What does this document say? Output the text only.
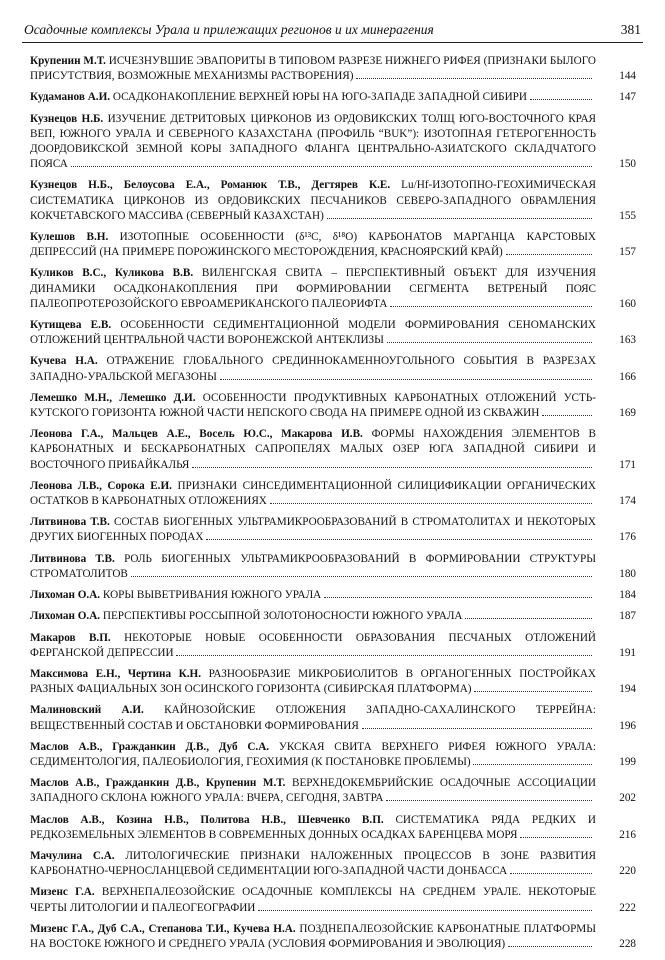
Осадочные комплексы Урала и прилежащих регионов и их минерагения	381
Крупенин М.Т. ИСЧЕЗНУВШИЕ ЭВАПОРИТЫ В ТИПОВОМ РАЗРЕЗЕ НИЖНЕГО РИФЕЯ (ПРИЗНАКИ БЫЛОГО ПРИСУТСТВИЯ, ВОЗМОЖНЫЕ МЕХАНИЗМЫ РАСТВОРЕНИЯ)	144
Кудаманов А.И. ОСАДКОНАКОПЛЕНИЕ ВЕРХНЕЙ ЮРЫ НА ЮГО-ЗАПАДЕ ЗАПАДНОЙ СИБИРИ	147
Кузнецов Н.Б. ИЗУЧЕНИЕ ДЕТРИТОВЫХ ЦИРКОНОВ ИЗ ОРДОВИКСКИХ ТОЛЩ ЮГО-ВОСТОЧНОГО КРАЯ ВЕП, ЮЖНОГО УРАЛА И СЕВЕРНОГО КАЗАХСТАНА (ПРОФИЛЬ “BUK”): ИЗОТОПНАЯ ГЕТЕРОГЕННОСТЬ ДООРДОВИКСКОЙ ЗЕМНОЙ КОРЫ ЗАПАДНОГО ФЛАНГА ЦЕНТРАЛЬНО-АЗИАТСКОГО СКЛАДЧАТОГО ПОЯСА	150
Кузнецов Н.Б., Белоусова Е.А., Романюк Т.В., Дегтярев К.Е. Lu/Hf-ИЗОТОПНО-ГЕОХИМИЧЕСКАЯ СИСТЕМАТИКА ЦИРКОНОВ ИЗ ОРДОВИКСКИХ ПЕСЧАНИКОВ СЕВЕРО-ЗАПАДНОГО ОБРАМЛЕНИЯ КОКЧЕТАВСКОГО МАССИВА (СЕВЕРНЫЙ КАЗАХСТАН)	155
Кулешов В.Н. ИЗОТОПНЫЕ ОСОБЕННОСТИ (δ¹³C, δ¹⁸O) КАРБОНАТОВ МАРГАНЦА КАРСТОВЫХ ДЕПРЕССИЙ (НА ПРИМЕРЕ ПОРОЖИНСКОГО МЕСТОРОЖДЕНИЯ, КРАСНОЯРСКИЙ КРАЙ)	157
Куликов В.С., Куликова В.В. ВИЛЕНГСКАЯ СВИТА – ПЕРСПЕКТИВНЫЙ ОБЪЕКТ ДЛЯ ИЗУЧЕНИЯ ДИНАМИКИ ОСАДКОНАКОПЛЕНИЯ ПРИ ФОРМИРОВАНИИ СЕГМЕНТА ВЕТРЕНЫЙ ПОЯС ПАЛЕОПРОТЕРОЗОЙСКОГО ЕВРОАМЕРИКАНСКОГО ПАЛЕОРИФТА	160
Кутищева Е.В. ОСОБЕННОСТИ СЕДИМЕНТАЦИОННОЙ МОДЕЛИ ФОРМИРОВАНИЯ СЕНОМАНСКИХ ОТЛОЖЕНИЙ ЦЕНТРАЛЬНОЙ ЧАСТИ ВОРОНЕЖСКОЙ АНТЕКЛИЗЫ	163
Кучева Н.А. ОТРАЖЕНИЕ ГЛОБАЛЬНОГО СРЕДИННОКАМЕННОУГОЛЬНОГО СОБЫТИЯ В РАЗРЕЗАХ ЗАПАДНО-УРАЛЬСКОЙ МЕГАЗОНЫ	166
Лемешко М.Н., Лемешко Д.И. ОСОБЕННОСТИ ПРОДУКТИВНЫХ КАРБОНАТНЫХ ОТЛОЖЕНИЙ УСТЬ-КУТСКОГО ГОРИЗОНТА ЮЖНОЙ ЧАСТИ НЕПСКОГО СВОДА НА ПРИМЕРЕ ОДНОЙ ИЗ СКВАЖИН	169
Леонова Г.А., Мальцев А.Е., Восель Ю.С., Макарова И.В. ФОРМЫ НАХОЖДЕНИЯ ЭЛЕМЕНТОВ В КАРБОНАТНЫХ И БЕСКАРБОНАТНЫХ САПРОПЕЛЯХ МАЛЫХ ОЗЕР ЮГА ЗАПАДНОЙ СИБИРИ И ВОСТОЧНОГО ПРИБАЙКАЛЬЯ	171
Леонова Л.В., Сорока Е.И. ПРИЗНАКИ СИНСЕДИМЕНТАЦИОННОЙ СИЛИЦИФИКАЦИИ ОРГАНИЧЕСКИХ ОСТАТКОВ В КАРБОНАТНЫХ ОТЛОЖЕНИЯХ	174
Литвинова Т.В. СОСТАВ БИОГЕННЫХ УЛЬТРАМИКРООБРАЗОВАНИЙ В СТРОМАТОЛИТАХ И НЕКОТОРЫХ ДРУГИХ БИОГЕННЫХ ПОРОДАХ	176
Литвинова Т.В. РОЛЬ БИОГЕННЫХ УЛЬТРАМИКРООБРАЗОВАНИЙ В ФОРМИРОВАНИИ СТРУКТУРЫ СТРОМАТОЛИТОВ	180
Лихоман О.А. КОРЫ ВЫВЕТРИВАНИЯ ЮЖНОГО УРАЛА	184
Лихоман О.А. ПЕРСПЕКТИВЫ РОССЫПНОЙ ЗОЛОТОНОСНОСТИ ЮЖНОГО УРАЛА	187
Макаров В.П. НЕКОТОРЫЕ НОВЫЕ ОСОБЕННОСТИ ОБРАЗОВАНИЯ ПЕСЧАНЫХ ОТЛОЖЕНИЙ ФЕРГАНСКОЙ ДЕПРЕССИИ	191
Максимова Е.Н., Чертина К.Н. РАЗНООБРАЗИЕ МИКРОБИОЛИТОВ В ОРГАНОГЕННЫХ ПОСТРОЙКАХ РАЗНЫХ ФАЦИАЛЬНЫХ ЗОН ОСИНСКОГО ГОРИЗОНТА (СИБИРСКАЯ ПЛАТФОРМА)	194
Малиновский А.И. КАЙНОЗОЙСКИЕ ОТЛОЖЕНИЯ ЗАПАДНО-САХАЛИНСКОГО ТЕРРЕЙНА: ВЕЩЕСТВЕННЫЙ СОСТАВ И ОБСТАНОВКИ ФОРМИРОВАНИЯ	196
Маслов А.В., Гражданкин Д.В., Дуб С.А. УКСКАЯ СВИТА ВЕРХНЕГО РИФЕЯ ЮЖНОГО УРАЛА: СЕДИМЕНТОЛОГИЯ, ПАЛЕОБИОЛОГИЯ, ГЕОХИМИЯ (К ПОСТАНОВКЕ ПРОБЛЕМЫ)	199
Маслов А.В., Гражданкин Д.В., Крупенин М.Т. ВЕРХНЕДОКЕМБРИЙСКИЕ ОСАДОЧНЫЕ АССОЦИАЦИИ ЗАПАДНОГО СКЛОНА ЮЖНОГО УРАЛА: ВЧЕРА, СЕГОДНЯ, ЗАВТРА	202
Маслов А.В., Козина Н.В., Политова Н.В., Шевченко В.П. СИСТЕМАТИКА РЯДА РЕДКИХ И РЕДКОЗЕМЕЛЬНЫХ ЭЛЕМЕНТОВ В СОВРЕМЕННЫХ ДОННЫХ ОСАДКАХ БАРЕНЦЕВА МОРЯ	216
Мачулина С.А. ЛИТОЛОГИЧЕСКИЕ ПРИЗНАКИ НАЛОЖЕННЫХ ПРОЦЕССОВ В ЗОНЕ РАЗВИТИЯ КАРБОНАТНО-ЧЕРНОСЛАНЦЕВОЙ СЕДИМЕНТАЦИИ ЮГО-ЗАПАДНОЙ ЧАСТИ ДОНБАССА	220
Мизенс Г.А. ВЕРХНЕПАЛЕОЗОЙСКИЕ ОСАДОЧНЫЕ КОМПЛЕКСЫ НА СРЕДНЕМ УРАЛЕ. НЕКОТОРЫЕ ЧЕРТЫ ЛИТОЛОГИИ И ПАЛЕОГЕОГРАФИИ	222
Мизенс Г.А., Дуб С.А., Степанова Т.И., Кучева Н.А. ПОЗДНЕПАЛЕОЗОЙСКИЕ КАРБОНАТНЫЕ ПЛАТФОРМЫ НА ВОСТОКЕ ЮЖНОГО И СРЕДНЕГО УРАЛА (УСЛОВИЯ ФОРМИРОВАНИЯ И ЭВОЛЮЦИЯ)	228
